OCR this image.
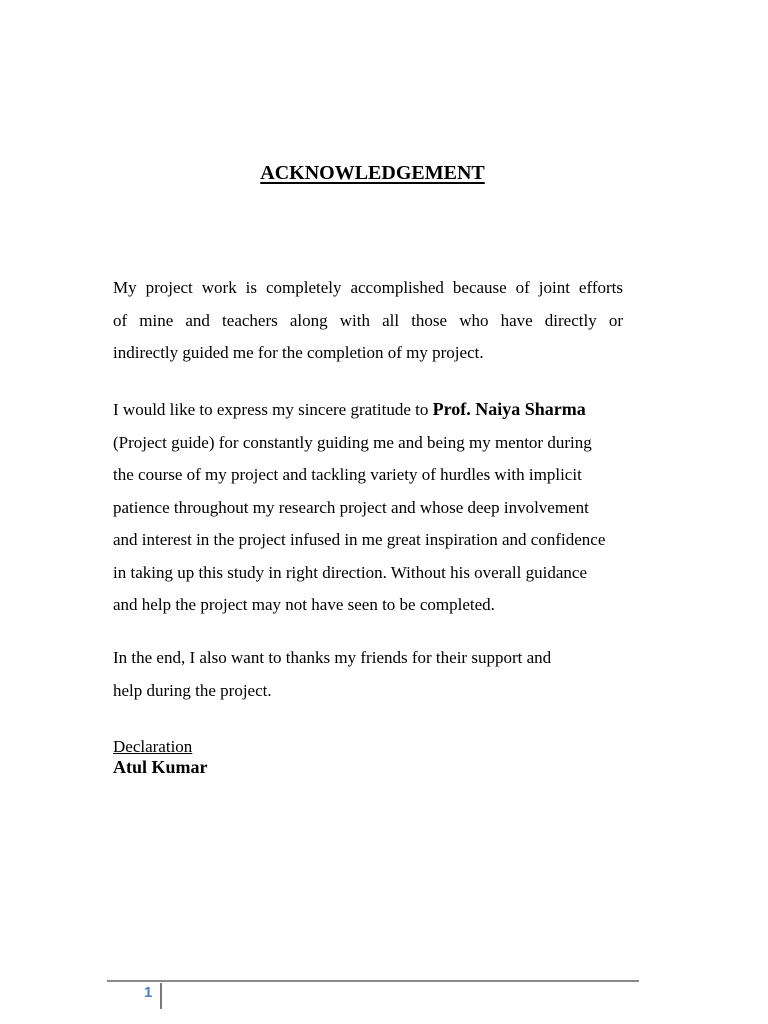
ACKNOWLEDGEMENT

My project work is completely accomplished because of joint efforts
of mine and teachers along with all those who have directly or
indirectly guided me for the completion of my project.

I would like to express my sincere gratitude to Prof. Naiya Sharma
(Project guide) for constantly guiding me and being my mentor during
the course of my project and tackling variety of hurdles with implicit
patience throughout my research project and whose deep involvement
and interest in the project infused in me great inspiration and confidence
in taking up this study in right direction. Without his overall guidance
and help the project may not have seen to be completed.

In the end, I also want to thanks my friends for their support and
help during the project.

Declaration

Atul Kumar

1
